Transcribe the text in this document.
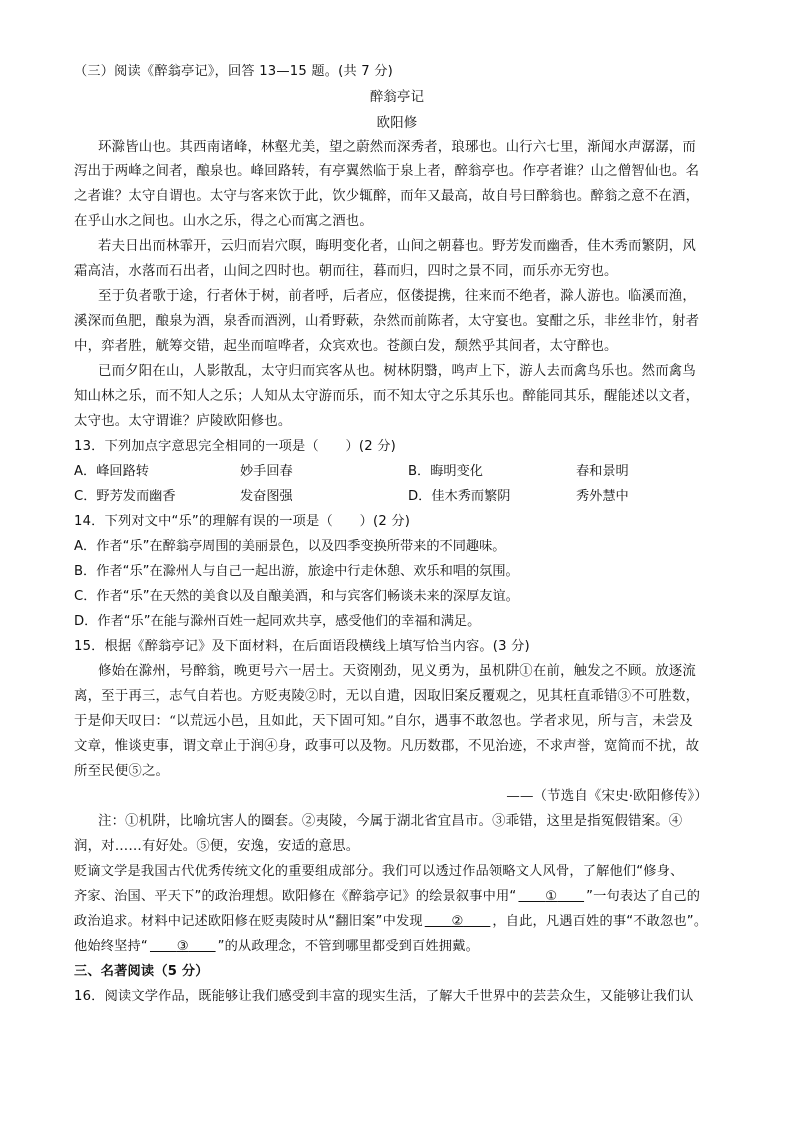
（三）阅读《醉翁亭记》，回答 13—15 题。(共 7 分)
醉翁亭记
欧阳修
环滁皆山也。其西南诸峰，林壑尤美，望之蔚然而深秀者，琅琊也。山行六七里，渐闻水声潺潺，而
泻出于两峰之间者，酿泉也。峰回路转，有亭翼然临于泉上者，醉翁亭也。作亭者谁？山之僧智仙也。名
之者谁？太守自谓也。太守与客来饮于此，饮少辄醉，而年又最高，故自号曰醉翁也。醉翁之意不在酒，
在乎山水之间也。山水之乐，得之心而寓之酒也。
若夫日出而林霏开，云归而岩穴暝，晦明变化者，山间之朝暮也。野芳发而幽香，佳木秀而繁阴，风
霜高洁，水落而石出者，山间之四时也。朝而往，暮而归，四时之景不同，而乐亦无穷也。
至于负者歌于途，行者休于树，前者呼，后者应，伛偻提携，往来而不绝者，滁人游也。临溪而渔，
溪深而鱼肥，酿泉为酒，泉香而酒洌，山肴野蔌，杂然而前陈者，太守宴也。宴酣之乐，非丝非竹，射者
中，弈者胜，觥筹交错，起坐而喧哗者，众宾欢也。苍颜白发，颓然乎其间者，太守醉也。
已而夕阳在山，人影散乱，太守归而宾客从也。树林阴翳，鸣声上下，游人去而禽鸟乐也。然而禽鸟
知山林之乐，而不知人之乐；人知从太守游而乐，而不知太守之乐其乐也。醉能同其乐，醒能述以文者，
太守也。太守谓谁？庐陵欧阳修也。
13．下列加点字意思完全相同的一项是（　　）(2 分)
A．峰回路转	妙手回春	B．晦明变化	春和景明
C．野芳发而幽香	发奋图强	D．佳木秀而繁阴	秀外慧中
14．下列对文中“乐”的理解有误的一项是（　　）(2 分)
A．作者“乐”在醉翁亭周围的美丽景色，以及四季变换所带来的不同趣味。
B．作者“乐”在滁州人与自己一起出游，旅途中行走休憩、欢乐和唱的氛围。
C．作者“乐”在天然的美食以及自酿美酒，和与宾客们畅谈未来的深厚友谊。
D．作者“乐”在能与滁州百姓一起同欢共享，感受他们的幸福和满足。
15．根据《醉翁亭记》及下面材料，在后面语段横线上填写恰当内容。(3 分)
修始在滁州，号醉翁，晚更号六一居士。天资刚劲，见义勇为，虽机阱①在前，触发之不顾。放逐流
离，至于再三，志气自若也。方贬夷陵②时，无以自遣，因取旧案反覆观之，见其枉直乖错③不可胜数，
于是仰天叹曰：“以荒远小邑，且如此，天下固可知。”自尔，遇事不敢忽也。学者求见，所与言，未尝及
文章，惟谈吏事，谓文章止于润④身，政事可以及物。凡历数郡，不见治迹，不求声誉，宽简而不扰，故
所至民便⑤之。
——（节选自《宋史·欧阳修传》）
注：①机阱，比喻坑害人的圈套。②夷陵，今属于湖北省宜昌市。③乖错，这里是指冤假错案。④
润，对……有好处。⑤便，安逸，安适的意思。
贬谪文学是我国古代优秀传统文化的重要组成部分。我们可以透过作品领略文人风骨，了解他们“修身、
齐家、治国、平天下”的政治理想。欧阳修在《醉翁亭记》的绘景叙事中用“　　 ①　　 ”一句表达了自己的
政治追求。材料中记述欧阳修在贬夷陵时从“翻旧案”中发现　　 ②　　 ，自此，凡遇百姓的事“不敢忽也”。
他始终坚持“　　 ③　　 ”的从政理念，不管到哪里都受到百姓拥戴。
三、名著阅读（5 分）
16．阅读文学作品，既能够让我们感受到丰富的现实生活，了解大千世界中的芸芸众生，又能够让我们认
